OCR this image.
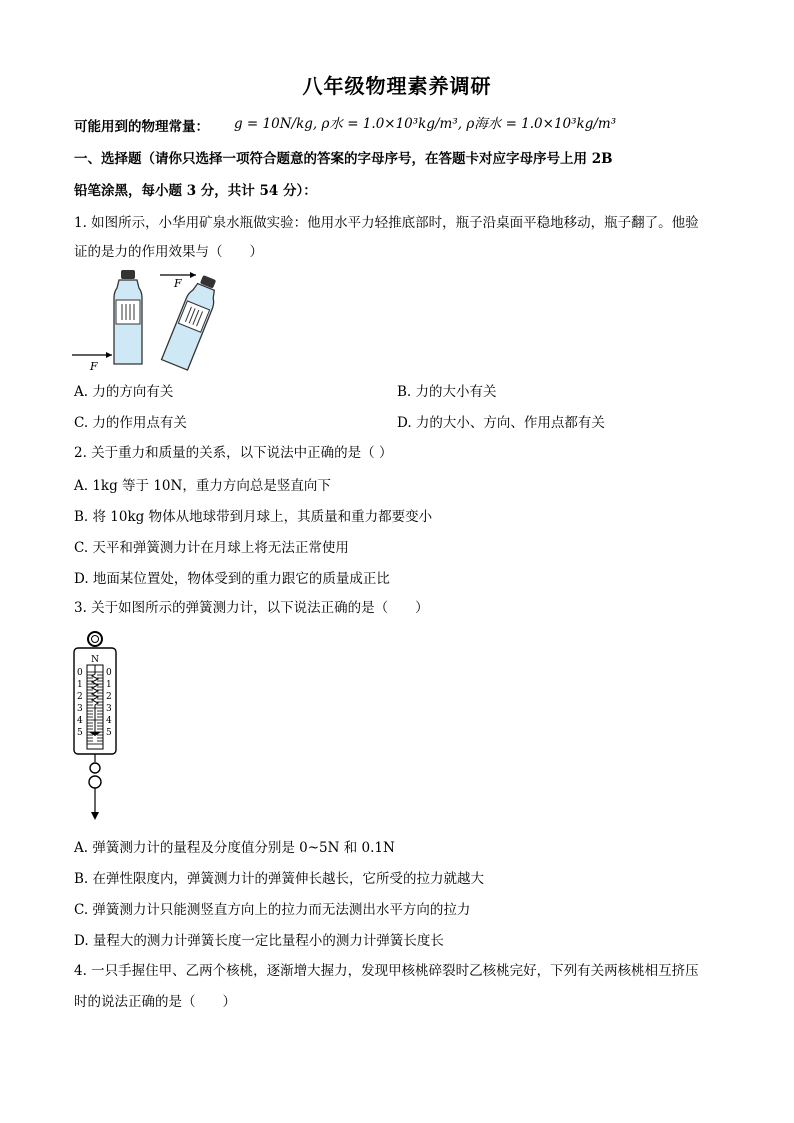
八年级物理素养调研
可能用到的物理常量： g = 10N/kg, ρ水 = 1.0×10³kg/m³, ρ海水 = 1.0×10³kg/m³
一、选择题（请你只选择一项符合题意的答案的字母序号，在答题卡对应字母序号上用 2B
铅笔涂黑，每小题 3 分，共计 54 分）：
1. 如图所示，小华用矿泉水瓶做实验：他用水平力轻推底部时，瓶子沿桌面平稳地移动，瓶子翻了。他验
证的是力的作用效果与（　　）
F
F
A. 力的方向有关	B. 力的大小有关
C. 力的作用点有关	D. 力的大小、方向、作用点都有关
2. 关于重力和质量的关系，以下说法中正确的是（ ）
A. 1kg 等于 10N，重力方向总是竖直向下
B. 将 10kg 物体从地球带到月球上，其质量和重力都要变小
C. 天平和弹簧测力计在月球上将无法正常使用
D. 地面某位置处，物体受到的重力跟它的质量成正比
3. 关于如图所示的弹簧测力计，以下说法正确的是（　　）
N
0
1
2
3
4
5
0
1
2
3
4
5
A. 弹簧测力计的量程及分度值分别是 0~5N 和 0.1N
B. 在弹性限度内，弹簧测力计的弹簧伸长越长，它所受的拉力就越大
C. 弹簧测力计只能测竖直方向上的拉力而无法测出水平方向的拉力
D. 量程大的测力计弹簧长度一定比量程小的测力计弹簧长度长
4. 一只手握住甲、乙两个核桃，逐渐增大握力，发现甲核桃碎裂时乙核桃完好，下列有关两核桃相互挤压
时的说法正确的是（　　）
